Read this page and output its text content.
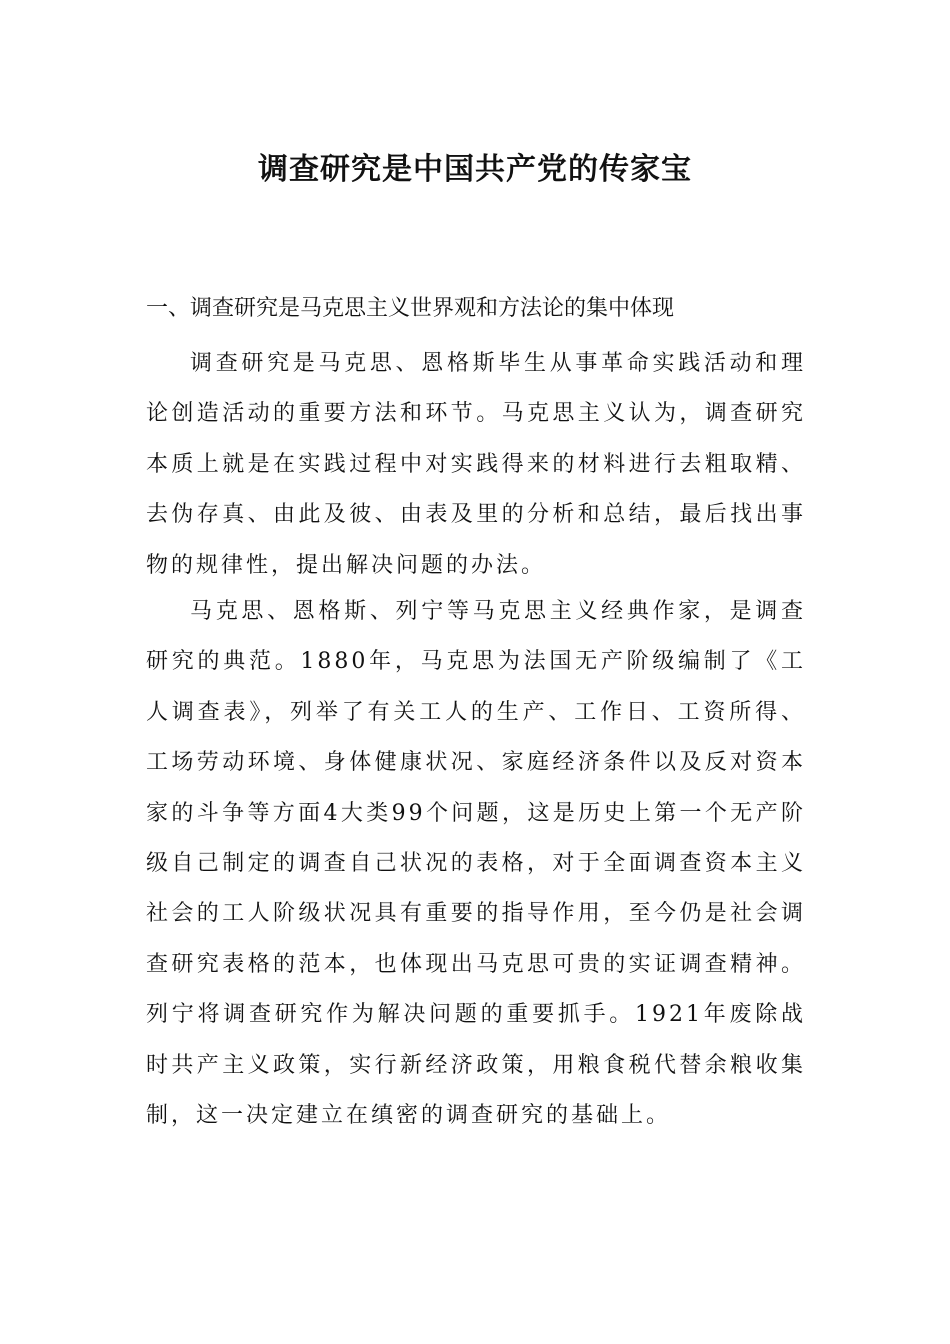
调查研究是中国共产党的传家宝
一、调查研究是马克思主义世界观和方法论的集中体现

调查研究是马克思、恩格斯毕生从事革命实践活动和理论创造活动的重要方法和环节。马克思主义认为，调查研究本质上就是在实践过程中对实践得来的材料进行去粗取精、去伪存真、由此及彼、由表及里的分析和总结，最后找出事物的规律性，提出解决问题的办法。

马克思、恩格斯、列宁等马克思主义经典作家，是调查研究的典范。1880年，马克思为法国无产阶级编制了《工人调查表》，列举了有关工人的生产、工作日、工资所得、工场劳动环境、身体健康状况、家庭经济条件以及反对资本家的斗争等方面4大类99个问题，这是历史上第一个无产阶级自己制定的调查自己状况的表格，对于全面调查资本主义社会的工人阶级状况具有重要的指导作用，至今仍是社会调查研究表格的范本，也体现出马克思可贵的实证调查精神。列宁将调查研究作为解决问题的重要抓手。1921年废除战时共产主义政策，实行新经济政策，用粮食税代替余粮收集制，这一决定建立在缜密的调查研究的基础上。
